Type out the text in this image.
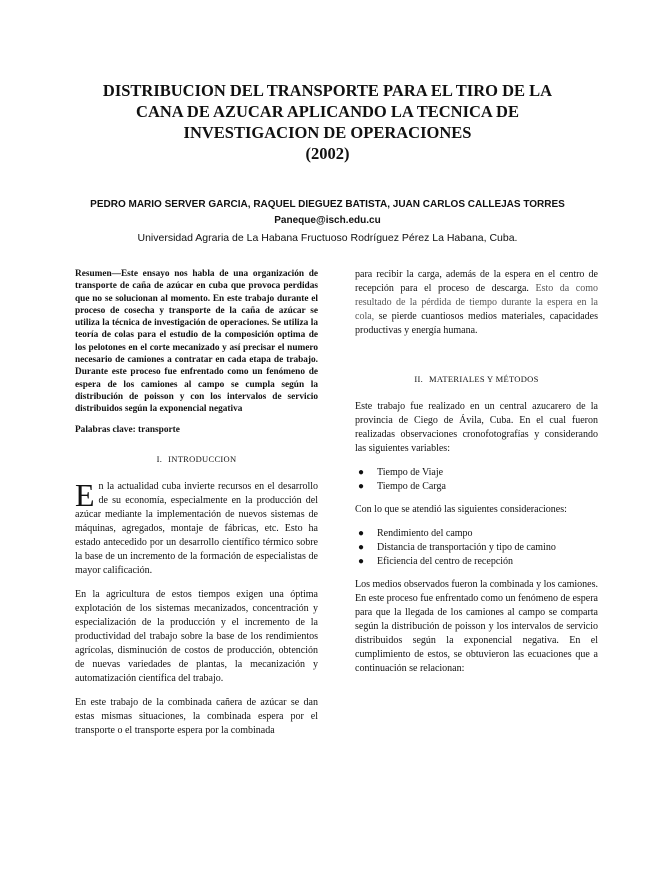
DISTRIBUCION DEL TRANSPORTE PARA EL TIRO DE LA
CANA DE AZUCAR APLICANDO LA TECNICA DE
INVESTIGACION DE OPERACIONES
(2002)
PEDRO MARIO SERVER GARCIA, RAQUEL DIEGUEZ BATISTA, JUAN CARLOS CALLEJAS TORRES
Paneque@isch.edu.cu
Universidad Agraria de La Habana Fructuoso Rodríguez Pérez La Habana, Cuba.

Resumen—Este ensayo nos habla de una organización de transporte de caña de azúcar en cuba que provoca perdidas que no se solucionan al momento. En este trabajo durante el proceso de cosecha y transporte de la caña de azúcar se utiliza la técnica de investigación de operaciones. Se utiliza la teoría de colas para el estudio de la composición optima de los pelotones en el corte mecanizado y así precisar el numero necesario de camiones a contratar en cada etapa de trabajo. Durante este proceso fue enfrentado como un fenómeno de espera de los camiones al campo se cumpla según la distribución de poisson y con los intervalos de servicio distribuidos según la exponencial negativa

Palabras clave: transporte

I. INTRODUCCION

En la actualidad cuba invierte recursos en el desarrollo de su economía, especialmente en la producción del azúcar mediante la implementación de nuevos sistemas de máquinas, agregados, montaje de fábricas, etc. Esto ha estado antecedido por un desarrollo científico térmico sobre la base de un incremento de la formación de especialistas de mayor calificación.

En la agricultura de estos tiempos exigen una óptima explotación de los sistemas mecanizados, concentración y especialización de la producción y el incremento de la productividad del trabajo sobre la base de los rendimientos agrícolas, disminución de costos de producción, obtención de nuevas variedades de plantas, la mecanización y automatización científica del trabajo.

En este trabajo de la combinada cañera de azúcar se dan estas mismas situaciones, la combinada espera por el transporte o el transporte espera por la combinada

para recibir la carga, además de la espera en el centro de recepción para el proceso de descarga. Esto da como resultado de la pérdida de tiempo durante la espera en la cola, se pierde cuantiosos medios materiales, capacidades productivas y energía humana.

II. MATERIALES Y MÉTODOS

Este trabajo fue realizado en un central azucarero de la provincia de Ciego de Ávila, Cuba. En el cual fueron realizadas observaciones cronofotografías y considerando las siguientes variables:

● Tiempo de Viaje
● Tiempo de Carga

Con lo que se atendió las siguientes consideraciones:

● Rendimiento del campo
● Distancia de transportación y tipo de camino
● Eficiencia del centro de recepción

Los medios observados fueron la combinada y los camiones. En este proceso fue enfrentado como un fenómeno de espera para que la llegada de los camiones al campo se comparta según la distribución de poisson y los intervalos de servicio distribuidos según la exponencial negativa. En el cumplimiento de estos, se obtuvieron las ecuaciones que a continuación se relacionan:
